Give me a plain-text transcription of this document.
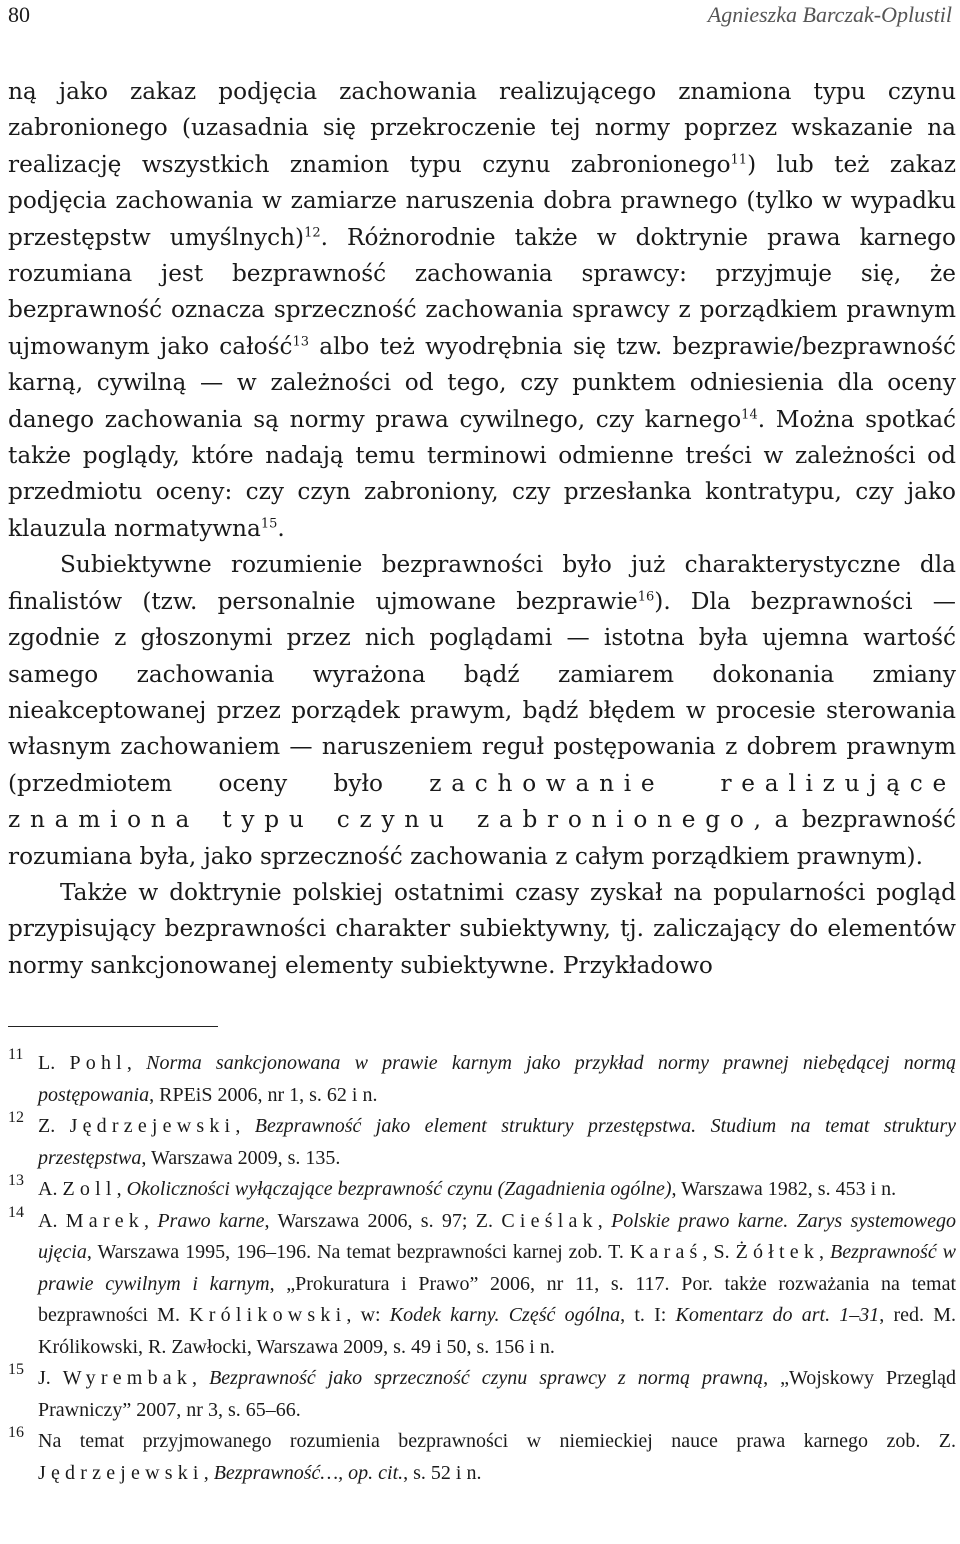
80	Agnieszka Barczak-Oplustil

ną jako zakaz podjęcia zachowania realizującego znamiona typu czynu zabronionego (uzasadnia się przekroczenie tej normy poprzez wskazanie na realizację wszystkich znamion typu czynu zabronionego$^{11}$) lub też zakaz podjęcia zachowania w zamiarze naruszenia dobra prawnego (tylko w wypadku przestępstw umyślnych)$^{12}$. Różnorodnie także w doktrynie prawa karnego rozumiana jest bezprawność zachowania sprawcy: przyjmuje się, że bezprawność oznacza sprzeczność zachowania sprawcy z porządkiem prawnym ujmowanym jako całość$^{13}$ albo też wyodrębnia się tzw. bezprawie/bezprawność karną, cywilną — w zależności od tego, czy punktem odniesienia dla oceny danego zachowania są normy prawa cywilnego, czy karnego$^{14}$. Można spotkać także poglądy, które nadają temu terminowi odmienne treści w zależności od przedmiotu oceny: czy czyn zabroniony, czy przesłanka kontratypu, czy jako klauzula normatywna$^{15}$.

Subiektywne rozumienie bezprawności było już charakterystyczne dla finalistów (tzw. personalnie ujmowane bezprawie$^{16}$). Dla bezprawności — zgodnie z głoszonymi przez nich poglądami — istotna była ujemna wartość samego zachowania wyrażona bądź zamiarem dokonania zmiany nieakceptowanej przez porządek prawym, bądź błędem w procesie sterowania własnym zachowaniem — naruszeniem reguł postępowania z dobrem prawnym (przedmiotem oceny było zachowanie realizujące znamiona typu czynu zabronionego, a bezprawność rozumiana była, jako sprzeczność zachowania z całym porządkiem prawnym).

Także w doktrynie polskiej ostatnimi czasy zyskał na popularności pogląd przypisujący bezprawności charakter subiektywny, tj. zaliczający do elementów normy sankcjonowanej elementy subiektywne. Przykładowo

11 L. Pohl, Norma sankcjonowana w prawie karnym jako przykład normy prawnej niebędącej normą postępowania, RPEiS 2006, nr 1, s. 62 i n.
12 Z. Jędrzejewski, Bezprawność jako element struktury przestępstwa. Studium na temat struktury przestępstwa, Warszawa 2009, s. 135.
13 A. Zoll, Okoliczności wyłączające bezprawność czynu (Zagadnienia ogólne), Warszawa 1982, s. 453 i n.
14 A. Marek, Prawo karne, Warszawa 2006, s. 97; Z. Cieślak, Polskie prawo karne. Zarys systemowego ujęcia, Warszawa 1995, 196–196. Na temat bezprawności karnej zob. T. Karaś, S. Żółtek, Bezprawność w prawie cywilnym i karnym, „Prokuratura i Prawo” 2006, nr 11, s. 117. Por. także rozważania na temat bezprawności M. Królikowski, w: Kodek karny. Część ogólna, t. I: Komentarz do art. 1–31, red. M. Królikowski, R. Zawłocki, Warszawa 2009, s. 49 i 50, s. 156 i n.
15 J. Wyrembak, Bezprawność jako sprzeczność czynu sprawcy z normą prawną, „Wojskowy Przegląd Prawniczy” 2007, nr 3, s. 65–66.
16 Na temat przyjmowanego rozumienia bezprawności w niemieckiej nauce prawa karnego zob. Z. Jędrzejewski, Bezprawność…, op. cit., s. 52 i n.
